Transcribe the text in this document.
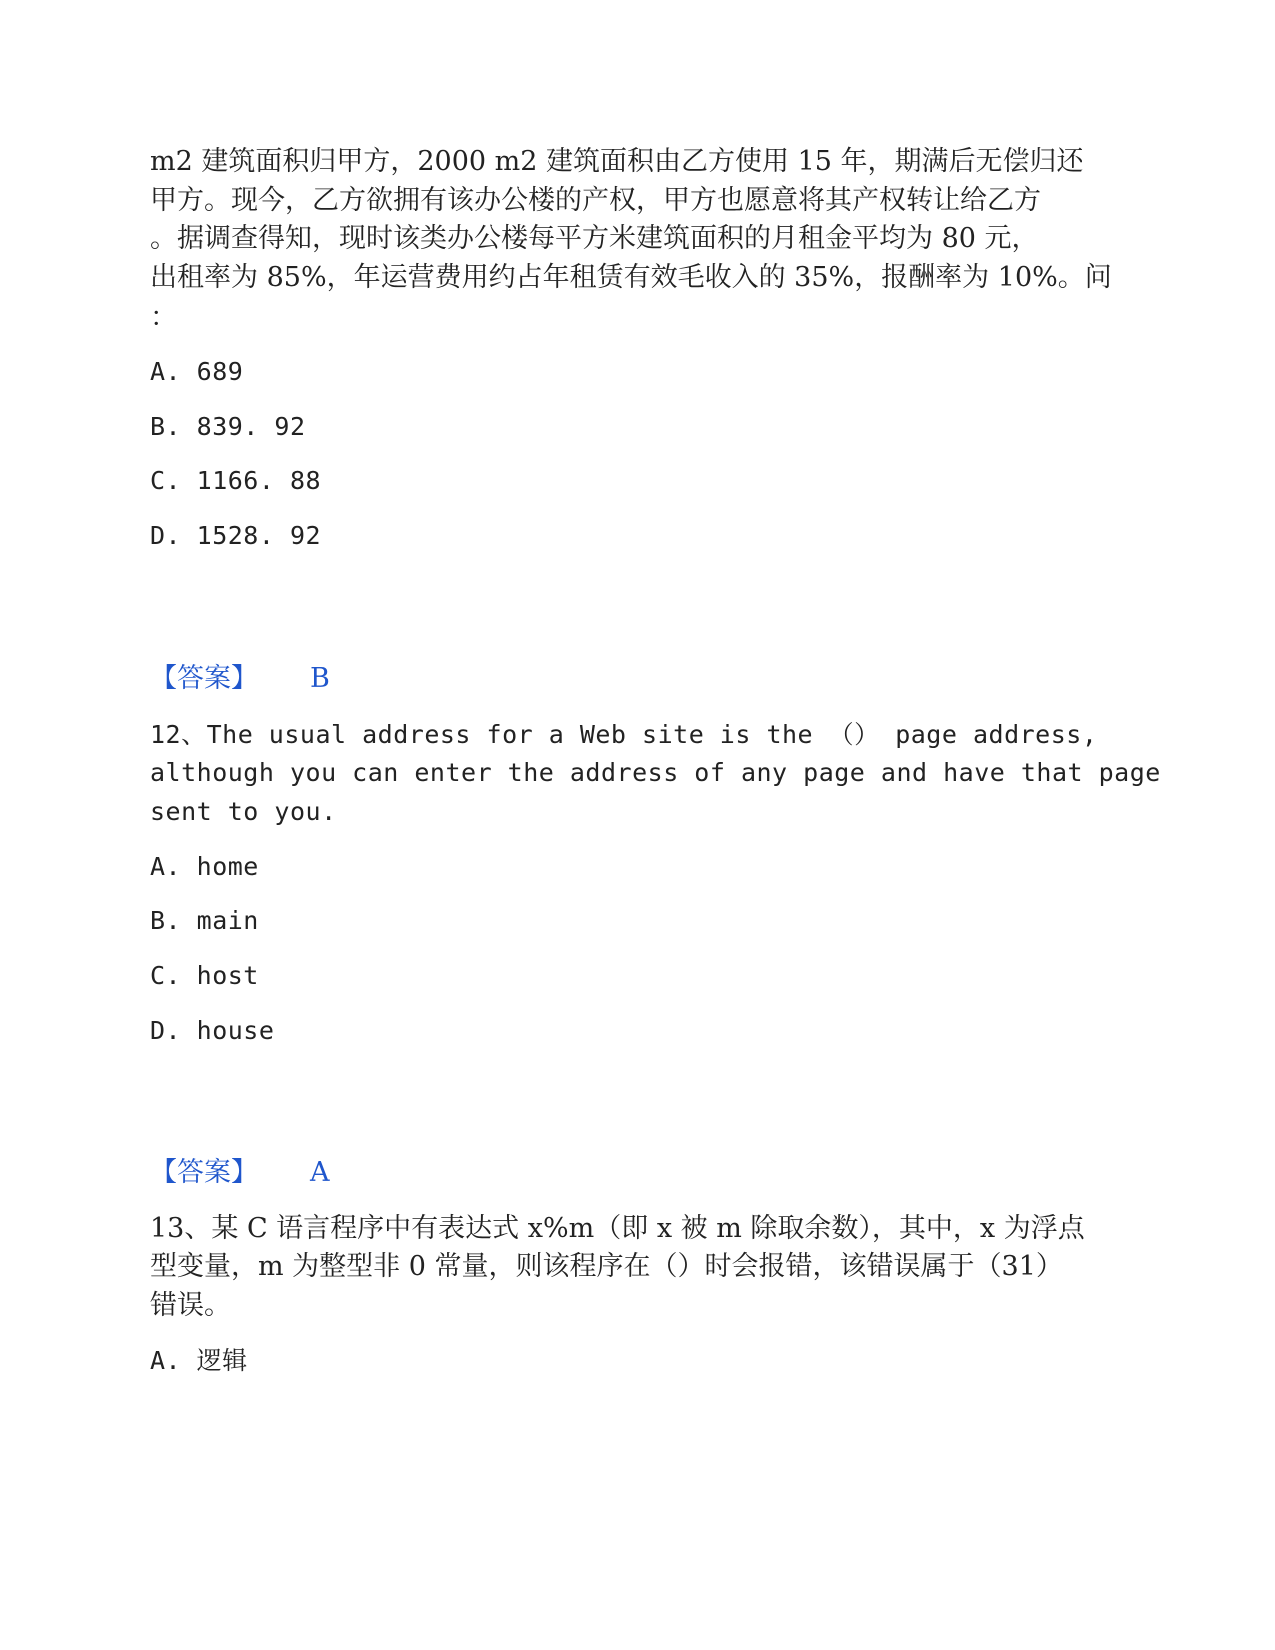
m2 建筑面积归甲方，2000 m2 建筑面积由乙方使用 15 年，期满后无偿归还
甲方。现今，乙方欲拥有该办公楼的产权，甲方也愿意将其产权转让给乙方
。据调查得知，现时该类办公楼每平方米建筑面积的月租金平均为 80 元，
出租率为 85%，年运营费用约占年租赁有效毛收入的 35%，报酬率为 10%。问
：
A. 689
B. 839. 92
C. 1166. 88
D. 1528. 92
【答案】 B
12、The usual address for a Web site is the （） page address,
although you can enter the address of any page and have that page
sent to you.
A. home
B. main
C. host
D. house
【答案】 A
13、某 C 语言程序中有表达式 x%m（即 x 被 m 除取余数），其中，x 为浮点
型变量，m 为整型非 0 常量，则该程序在（）时会报错，该错误属于（31）
错误。
A. 逻辑
